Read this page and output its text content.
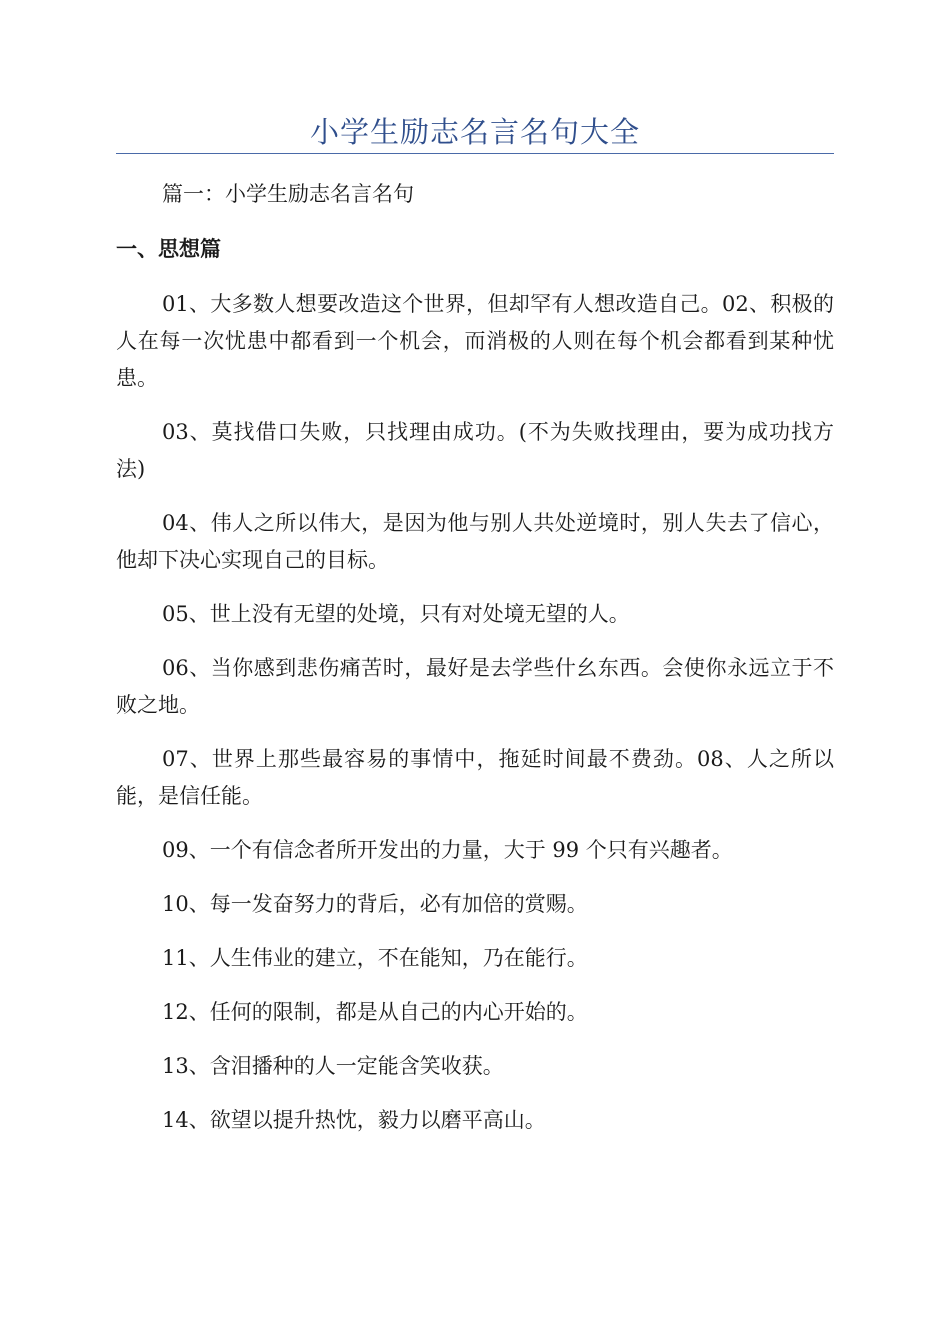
小学生励志名言名句大全
篇一：小学生励志名言名句
一、思想篇

01、大多数人想要改造这个世界，但却罕有人想改造自己。02、积极的人在每一次忧患中都看到一个机会，而消极的人则在每个机会都看到某种忧患。

03、莫找借口失败，只找理由成功。(不为失败找理由，要为成功找方法)

04、伟人之所以伟大，是因为他与别人共处逆境时，别人失去了信心，他却下决心实现自己的目标。

05、世上没有无望的处境，只有对处境无望的人。

06、当你感到悲伤痛苦时，最好是去学些什幺东西。会使你永远立于不败之地。

07、世界上那些最容易的事情中，拖延时间最不费劲。08、人之所以能，是信任能。

09、一个有信念者所开发出的力量，大于 99 个只有兴趣者。

10、每一发奋努力的背后，必有加倍的赏赐。

11、人生伟业的建立，不在能知，乃在能行。

12、任何的限制，都是从自己的内心开始的。

13、含泪播种的人一定能含笑收获。

14、欲望以提升热忱，毅力以磨平高山。
